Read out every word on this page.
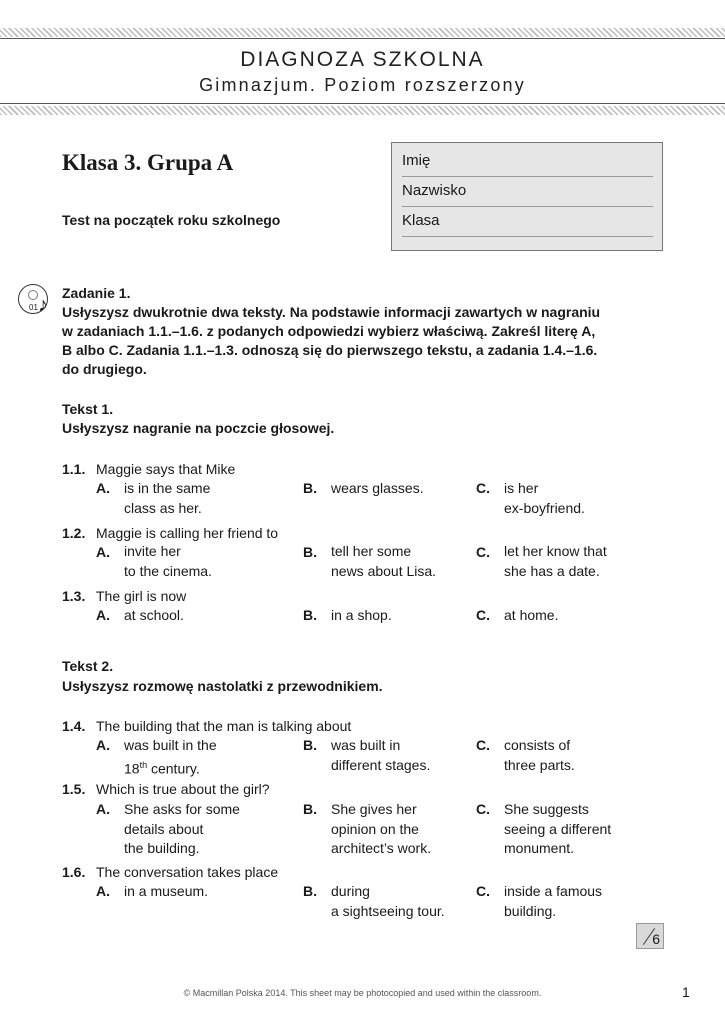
DIAGNOZA SZKOLNA
Gimnazjum. Poziom rozszerzony
Klasa 3. Grupa A
Test na początek roku szkolnego
Imię
Nazwisko
Klasa
01 ♪
Zadanie 1.
Usłyszysz dwukrotnie dwa teksty. Na podstawie informacji zawartych w nagraniu
w zadaniach 1.1.–1.6. z podanych odpowiedzi wybierz właściwą. Zakreśl literę A,
B albo C. Zadania 1.1.–1.3. odnoszą się do pierwszego tekstu, a zadania 1.4.–1.6.
do drugiego.
Tekst 1.
Usłyszysz nagranie na poczcie głosowej.
1.1. Maggie says that Mike
A. is in the same
class as her.
B. wears glasses.	C. is her
ex-boyfriend.
1.2. Maggie is calling her friend to
A. invite her
to the cinema.
B. tell her some
news about Lisa.
C. let her know that
she has a date.
1.3. The girl is now
A. at school.	B. in a shop.	C. at home.
Tekst 2.
Usłyszysz rozmowę nastolatki z przewodnikiem.
1.4. The building that the man is talking about
A. was built in the
18th century.
B. was built in
different stages.
C. consists of
three parts.
1.5. Which is true about the girl?
A. She asks for some
details about
the building.
B. She gives her
opinion on the
architect’s work.
C. She suggests
seeing a different
monument.
1.6. The conversation takes place
A. in a museum.	B. during
a sightseeing tour.
C. inside a famous
building.
6
© Macmillan Polska 2014. This sheet may be photocopied and used within the classroom.	1
